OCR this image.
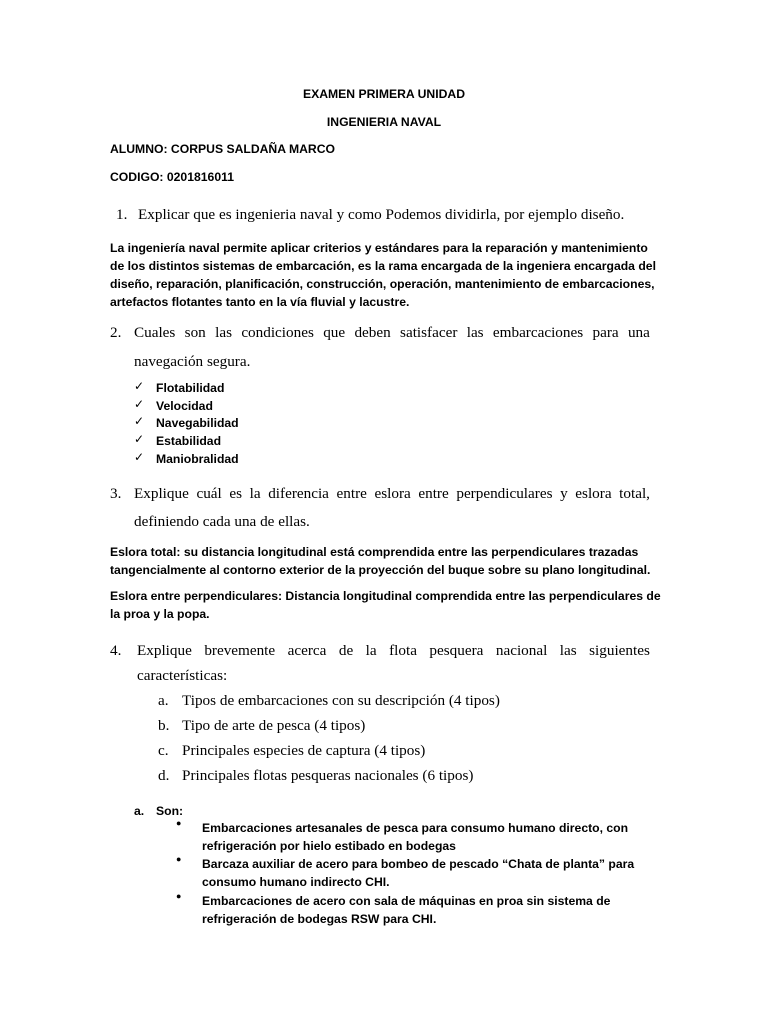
EXAMEN PRIMERA UNIDAD
INGENIERIA NAVAL
ALUMNO: CORPUS SALDAÑA MARCO
CODIGO: 0201816011
1. Explicar que es ingenieria naval y como Podemos dividirla, por ejemplo diseño.
La ingeniería naval permite aplicar criterios y estándares para la reparación y mantenimiento
de los distintos sistemas de embarcación, es la rama encargada de la ingeniera encargada del
diseño, reparación, planificación, construcción, operación, mantenimiento de embarcaciones,
artefactos flotantes tanto en la vía fluvial y lacustre.
2. Cuales son las condiciones que deben satisfacer las embarcaciones para una
navegación segura.
✓ Flotabilidad
✓ Velocidad
✓ Navegabilidad
✓ Estabilidad
✓ Maniobralidad
3. Explique cuál es la diferencia entre eslora entre perpendiculares y eslora total,
definiendo cada una de ellas.
Eslora total: su distancia longitudinal está comprendida entre las perpendiculares trazadas
tangencialmente al contorno exterior de la proyección del buque sobre su plano longitudinal.
Eslora entre perpendiculares: Distancia longitudinal comprendida entre las perpendiculares de
la proa y la popa.
4. Explique brevemente acerca de la flota pesquera nacional las siguientes
características:
a. Tipos de embarcaciones con su descripción (4 tipos)
b. Tipo de arte de pesca (4 tipos)
c. Principales especies de captura (4 tipos)
d. Principales flotas pesqueras nacionales (6 tipos)
a. Son:
● Embarcaciones artesanales de pesca para consumo humano directo, con
refrigeración por hielo estibado en bodegas
● Barcaza auxiliar de acero para bombeo de pescado “Chata de planta” para
consumo humano indirecto CHI.
● Embarcaciones de acero con sala de máquinas en proa sin sistema de
refrigeración de bodegas RSW para CHI.
